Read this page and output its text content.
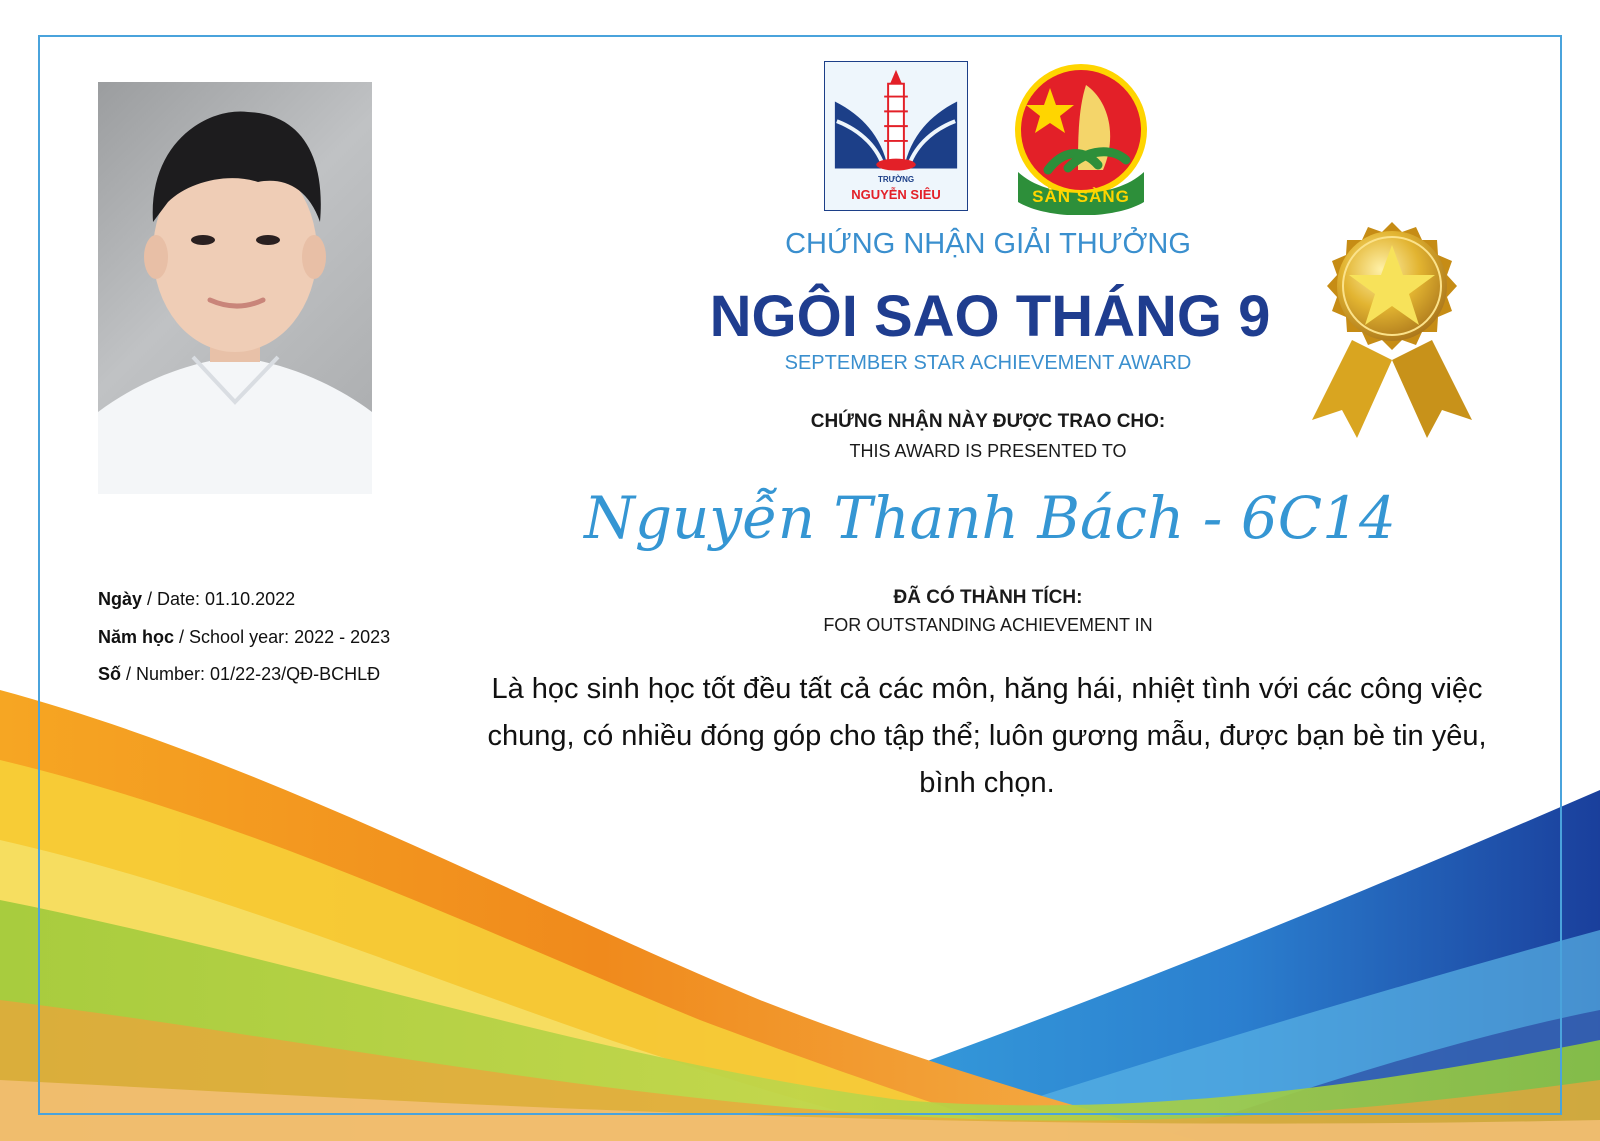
TRƯỜNG
NGUYỄN SIÊU	SẴN SÀNG
CHỨNG NHẬN GIẢI THƯỞNG
NGÔI SAO THÁNG 9
SEPTEMBER STAR ACHIEVEMENT AWARD
CHỨNG NHẬN NÀY ĐƯỢC TRAO CHO:
THIS AWARD IS PRESENTED TO
Nguyễn Thanh Bách - 6C14
ĐÃ CÓ THÀNH TÍCH:
FOR OUTSTANDING ACHIEVEMENT IN
Là học sinh học tốt đều tất cả các môn, hăng hái, nhiệt tình với các công việc chung, có nhiều đóng góp cho tập thể; luôn gương mẫu, được bạn bè tin yêu, bình chọn.
Ngày / Date: 01.10.2022
Năm học / School year: 2022 - 2023
Số / Number: 01/22-23/QĐ-BCHLĐ
